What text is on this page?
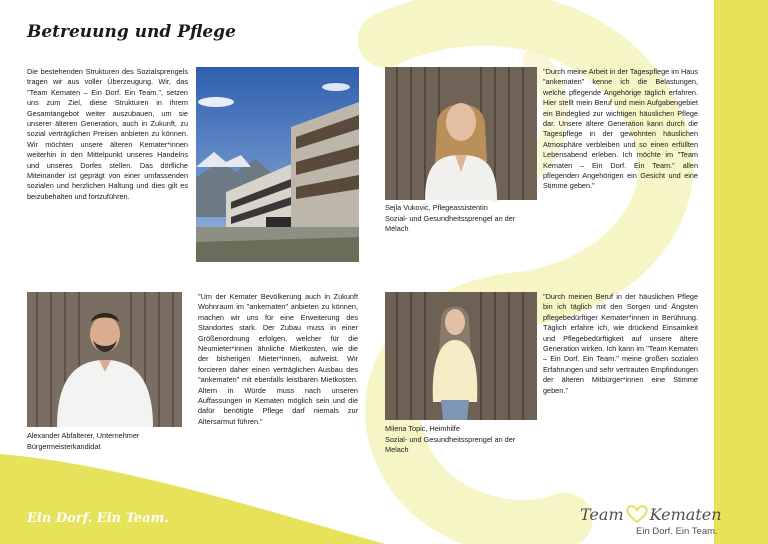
Betreuung und Pflege

Die bestehenden Strukturen des Sozialsprengels tragen wir aus voller Überzeugung. Wir, das "Team Kematen – Ein Dorf. Ein Team.", setzen uns zum Ziel, diese Strukturen in ihrem Gesamtangebot weiter auszubauen, um sie unserer älteren Generation, auch in Zukunft, zu sozial verträglichen Preisen anbieten zu können. Wir möchten unsere älteren Kemater*innen weiterhin in den Mittelpunkt unseres Handelns und unseres Dorfes stellen. Das dörfliche Miteinander ist geprägt von einer umfassenden sozialen und herzlichen Haltung und dies gilt es beizubehalten und fortzuführen.

"Durch meine Arbeit in der Tagespflege im Haus "ankematen" kenne ich die Belastungen, welche pflegende Angehörige täglich erfahren. Hier stellt mein Beruf und mein Aufgabengebiet ein Bindeglied zur wichtigen häuslichen Pflege dar. Unsere ältere Generation kann durch die Tagespflege in der gewohnten häuslichen Atmosphäre verbleiben und so einen erfüllten Lebensabend erleben. Ich möchte im "Team Kematen – Ein Dorf. Ein Team." allen pflegenden Angehörigen ein Gesicht und eine Stimme geben."

Sejla Vukovic, Pflegeassistentin
Sozial- und Gesundheitssprengel an der
Melach

"Um der Kemater Bevölkerung auch in Zukunft Wohnraum im "ankematen" anbieten zu können, machen wir uns für eine Erweiterung des Standortes stark. Der Zubau muss in einer Größenordnung erfolgen, welcher für die Neumieter*innen ähnliche Mietkosten, wie die der bisherigen Mieter*innen, aufweist. Wir forcieren daher einen verträglichen Ausbau des "ankematen" mit ebenfalls leistbaren Mietkosten. Altern in Würde muss nach unseren Auffassungen in Kematen möglich sein und die dafür benötigte Pflege darf niemals zur Altersarmut führen."

Alexander Abfalterer, Unternehmer
Bürgermeisterkandidat

"Durch meinen Beruf in der häuslichen Pflege bin ich täglich mit den Sorgen und Ängsten pflegebedürftiger Kemater*innen in Berührung. Täglich erfahre ich, wie drückend Einsamkeit und Pflegebedürftigkeit auf unsere ältere Generation wirken. Ich kann im "Team Kematen – Ein Dorf. Ein Team." meine großen sozialen Erfahrungen und sehr vertrauten Empfindungen der älteren Mitbürger*innen eine Stimme geben."

Milena Topic, Heimhilfe
Sozial- und Gesundheitssprengel an der
Melach
Ein Dorf. Ein Team.	Team Kematen
Ein Dorf. Ein Team.
